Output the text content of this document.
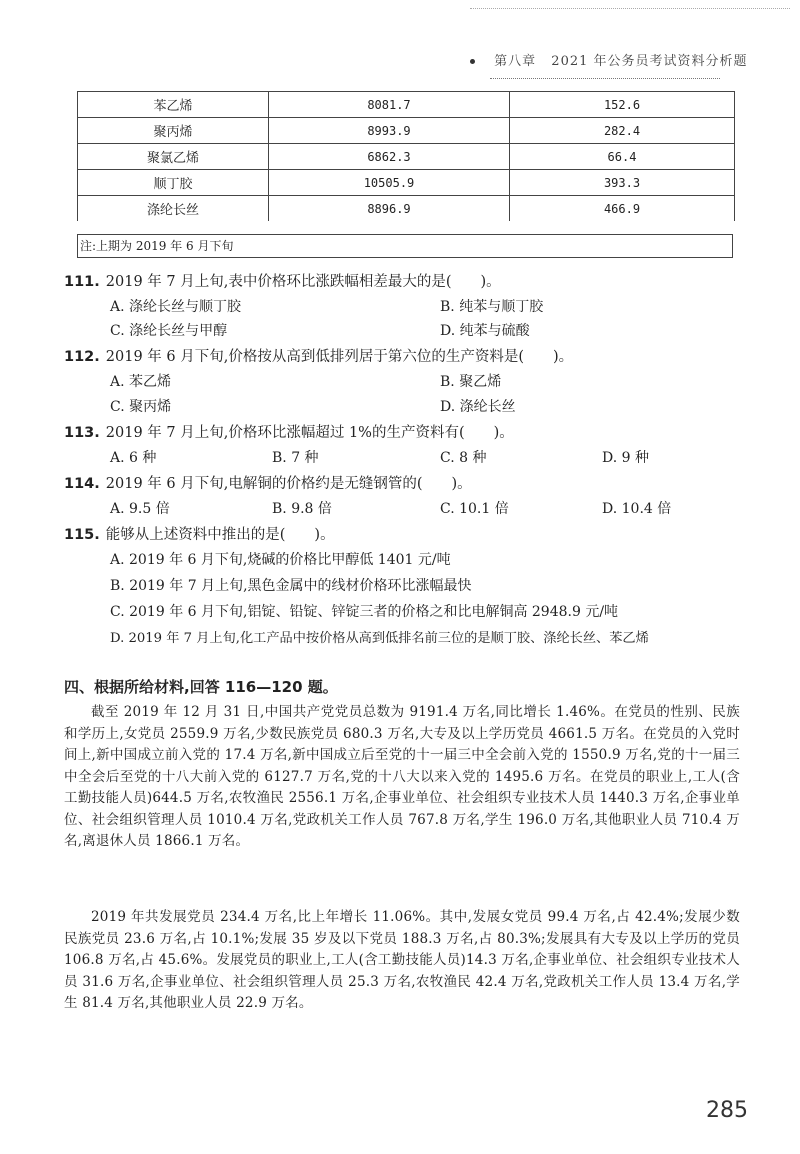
第八章 2021 年公务员考试资料分析题
苯乙烯	8081.7	152.6
聚丙烯	8993.9	282.4
聚氯乙烯	6862.3	66.4
顺丁胶	10505.9	393.3
涤纶长丝	8896.9	466.9
注:上期为 2019 年 6 月下旬
111. 2019 年 7 月上旬,表中价格环比涨跌幅相差最大的是(　　)。
A. 涤纶长丝与顺丁胶	B. 纯苯与顺丁胶
C. 涤纶长丝与甲醇	D. 纯苯与硫酸
112. 2019 年 6 月下旬,价格按从高到低排列居于第六位的生产资料是(　　)。
A. 苯乙烯	B. 聚乙烯
C. 聚丙烯	D. 涤纶长丝
113. 2019 年 7 月上旬,价格环比涨幅超过 1%的生产资料有(　　)。
A. 6 种	B. 7 种	C. 8 种	D. 9 种
114. 2019 年 6 月下旬,电解铜的价格约是无缝钢管的(　　)。
A. 9.5 倍	B. 9.8 倍	C. 10.1 倍	D. 10.4 倍
115. 能够从上述资料中推出的是(　　)。
A. 2019 年 6 月下旬,烧碱的价格比甲醇低 1401 元/吨
B. 2019 年 7 月上旬,黑色金属中的线材价格环比涨幅最快
C. 2019 年 6 月下旬,铝锭、铅锭、锌锭三者的价格之和比电解铜高 2948.9 元/吨
D. 2019 年 7 月上旬,化工产品中按价格从高到低排名前三位的是顺丁胶、涤纶长丝、苯乙烯
四、根据所给材料,回答 116—120 题。
截至 2019 年 12 月 31 日,中国共产党党员总数为 9191.4 万名,同比增长 1.46%。在党员的性别、民族和学历上,女党员 2559.9 万名,少数民族党员 680.3 万名,大专及以上学历党员 4661.5 万名。在党员的入党时间上,新中国成立前入党的 17.4 万名,新中国成立后至党的十一届三中全会前入党的 1550.9 万名,党的十一届三中全会后至党的十八大前入党的 6127.7 万名,党的十八大以来入党的 1495.6 万名。在党员的职业上,工人(含工勤技能人员)644.5 万名,农牧渔民 2556.1 万名,企事业单位、社会组织专业技术人员 1440.3 万名,企事业单位、社会组织管理人员 1010.4 万名,党政机关工作人员 767.8 万名,学生 196.0 万名,其他职业人员 710.4 万名,离退休人员 1866.1 万名。
2019 年共发展党员 234.4 万名,比上年增长 11.06%。其中,发展女党员 99.4 万名,占 42.4%;发展少数民族党员 23.6 万名,占 10.1%;发展 35 岁及以下党员 188.3 万名,占 80.3%;发展具有大专及以上学历的党员 106.8 万名,占 45.6%。发展党员的职业上,工人(含工勤技能人员)14.3 万名,企事业单位、社会组织专业技术人员 31.6 万名,企事业单位、社会组织管理人员 25.3 万名,农牧渔民 42.4 万名,党政机关工作人员 13.4 万名,学生 81.4 万名,其他职业人员 22.9 万名。
285
